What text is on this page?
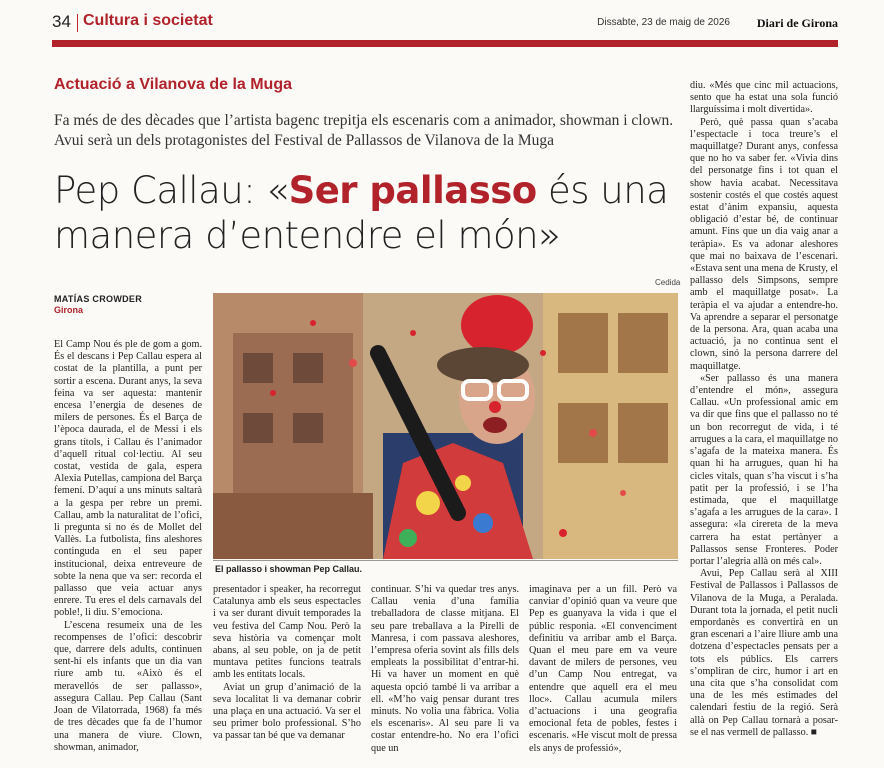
34 Cultura i societat	Dissabte, 23 de maig de 2026 Diari de Girona
Actuació a Vilanova de la Muga
Fa més de des dècades que l’artista bagenc trepitja els escenaris com a animador, showman i clown. Avui serà un dels protagonistes del Festival de Pallassos de Vilanova de la Muga
Pep Callau: «Ser pallasso és una manera d’entendre el món»
Cedida
MATÍAS CROWDER
Girona

El Camp Nou és ple de gom a gom. És el descans i Pep Callau espera al costat de la plantilla, a punt per sortir a escena. Durant anys, la seva feina va ser aquesta: mantenir encesa l’energia de desenes de milers de persones. És el Barça de l’època daurada, el de Messi i els grans títols, i Callau és l’animador d’aquell ritual col·lectiu. Al seu costat, vestida de gala, espera Alexia Putellas, campiona del Barça femení. D’aquí a uns minuts saltarà a la gespa per rebre un premi. Callau, amb la naturalitat de l’ofici, li pregunta si no és de Mollet del Vallès. La futbolista, fins aleshores continguda en el seu paper institucional, deixa entreveure de sobte la nena que va ser: recorda el pallasso que veia actuar anys enrere. Tu eres el dels carnavals del poble!, li diu. S’emociona.

L’escena resumeix una de les recompenses de l’ofici: descobrir que, darrere dels adults, continuen sent-hi els infants que un dia van riure amb tu. «Això és el meravellós de ser pallasso», assegura Callau. Pep Callau (Sant Joan de Vilatorrada, 1968) fa més de tres dècades que fa de l’humor una manera de viure. Clown, showman, animador,

El pallasso i showman Pep Callau.

presentador i speaker, ha recorregut Catalunya amb els seus espectacles i va ser durant divuit temporades la veu festiva del Camp Nou. Però la seva història va començar molt abans, al seu poble, on ja de petit muntava petites funcions teatrals amb les entitats locals.

Aviat un grup d’animació de la seva localitat li va demanar cobrir una plaça en una actuació. Va ser el seu primer bolo professional. S’ho va passar tan bé que va demanar

continuar. S’hi va quedar tres anys. Callau venia d’una família treballadora de classe mitjana. El seu pare treballava a la Pirelli de Manresa, i com passava aleshores, l’empresa oferia sovint als fills dels empleats la possibilitat d’entrar-hi. Hi va haver un moment en què aquesta opció també li va arribar a ell. «M’ho vaig pensar durant tres minuts. No volia una fàbrica. Volia els escenaris». Al seu pare li va costar entendre-ho. No era l’ofici que un

imaginava per a un fill. Però va canviar d’opinió quan va veure que Pep es guanyava la vida i que el públic responia. «El convenciment definitiu va arribar amb el Barça. Quan el meu pare em va veure davant de milers de persones, veu d’un Camp Nou entregat, va entendre que aquell era el meu lloc». Callau acumula milers d’actuacions i una geografia emocional feta de pobles, festes i escenaris. «He viscut molt de pressa els anys de professió»,

diu. «Més que cinc mil actuacions, sento que ha estat una sola funció llarguíssima i molt divertida».

Però, què passa quan s’acaba l’espectacle i toca treure’s el maquillatge? Durant anys, confessa que no ho va saber fer. «Vivia dins del personatge fins i tot quan el show havia acabat. Necessitava sostenir costés el que costés aquest estat d’ànim expansiu, aquesta obligació d’estar bé, de continuar amunt. Fins que un dia vaig anar a teràpia». Es va adonar aleshores que mai no baixava de l’escenari. «Estava sent una mena de Krusty, el pallasso dels Simpsons, sempre amb el maquillatge posat». La teràpia el va ajudar a entendre-ho. Va aprendre a separar el personatge de la persona. Ara, quan acaba una actuació, ja no continua sent el clown, sinó la persona darrere del maquillatge.

«Ser pallasso és una manera d’entendre el món», assegura Callau. «Un professional amic em va dir que fins que el pallasso no té un bon recorregut de vida, i té arrugues a la cara, el maquillatge no s’agafa de la mateixa manera. És quan hi ha arrugues, quan hi ha cicles vitals, quan s’ha viscut i s’ha patit per la professió, i se l’ha estimada, que el maquillatge s’agafa a les arrugues de la cara». I assegura: «la cireretа de la meva carrera ha estat pertànyer a Pallassos sense Fronteres. Poder portar l’alegria allà on més cal».

Avui, Pep Callau serà al XIII Festival de Pallassos i Pallassos de Vilanova de la Muga, a Peralada. Durant tota la jornada, el petit nucli empordanès es convertirà en un gran escenari a l’aire lliure amb una dotzena d’espectacles pensats per a tots els públics. Els carrers s’ompliran de circ, humor i art en una cita que s’ha consolidat com una de les més estimades del calendari festiu de la regió. Serà allà on Pep Callau tornarà a posar-se el nas vermell de pallasso. ■
